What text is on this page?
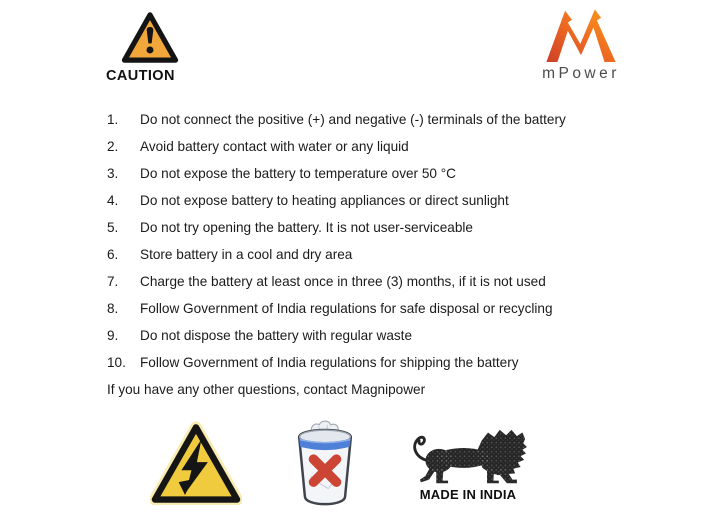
CAUTION	mPower
1.	Do not connect the positive (+) and negative (-) terminals of the battery
2.	Avoid battery contact with water or any liquid
3.	Do not expose the battery to temperature over 50 °C
4.	Do not expose battery to heating appliances or direct sunlight
5.	Do not try opening the battery. It is not user-serviceable
6.	Store battery in a cool and dry area
7.	Charge the battery at least once in three (3) months, if it is not used
8.	Follow Government of India regulations for safe disposal or recycling
9.	Do not dispose the battery with regular waste
10.	Follow Government of India regulations for shipping the battery
If you have any other questions, contact Magnipower
MADE IN INDIA
